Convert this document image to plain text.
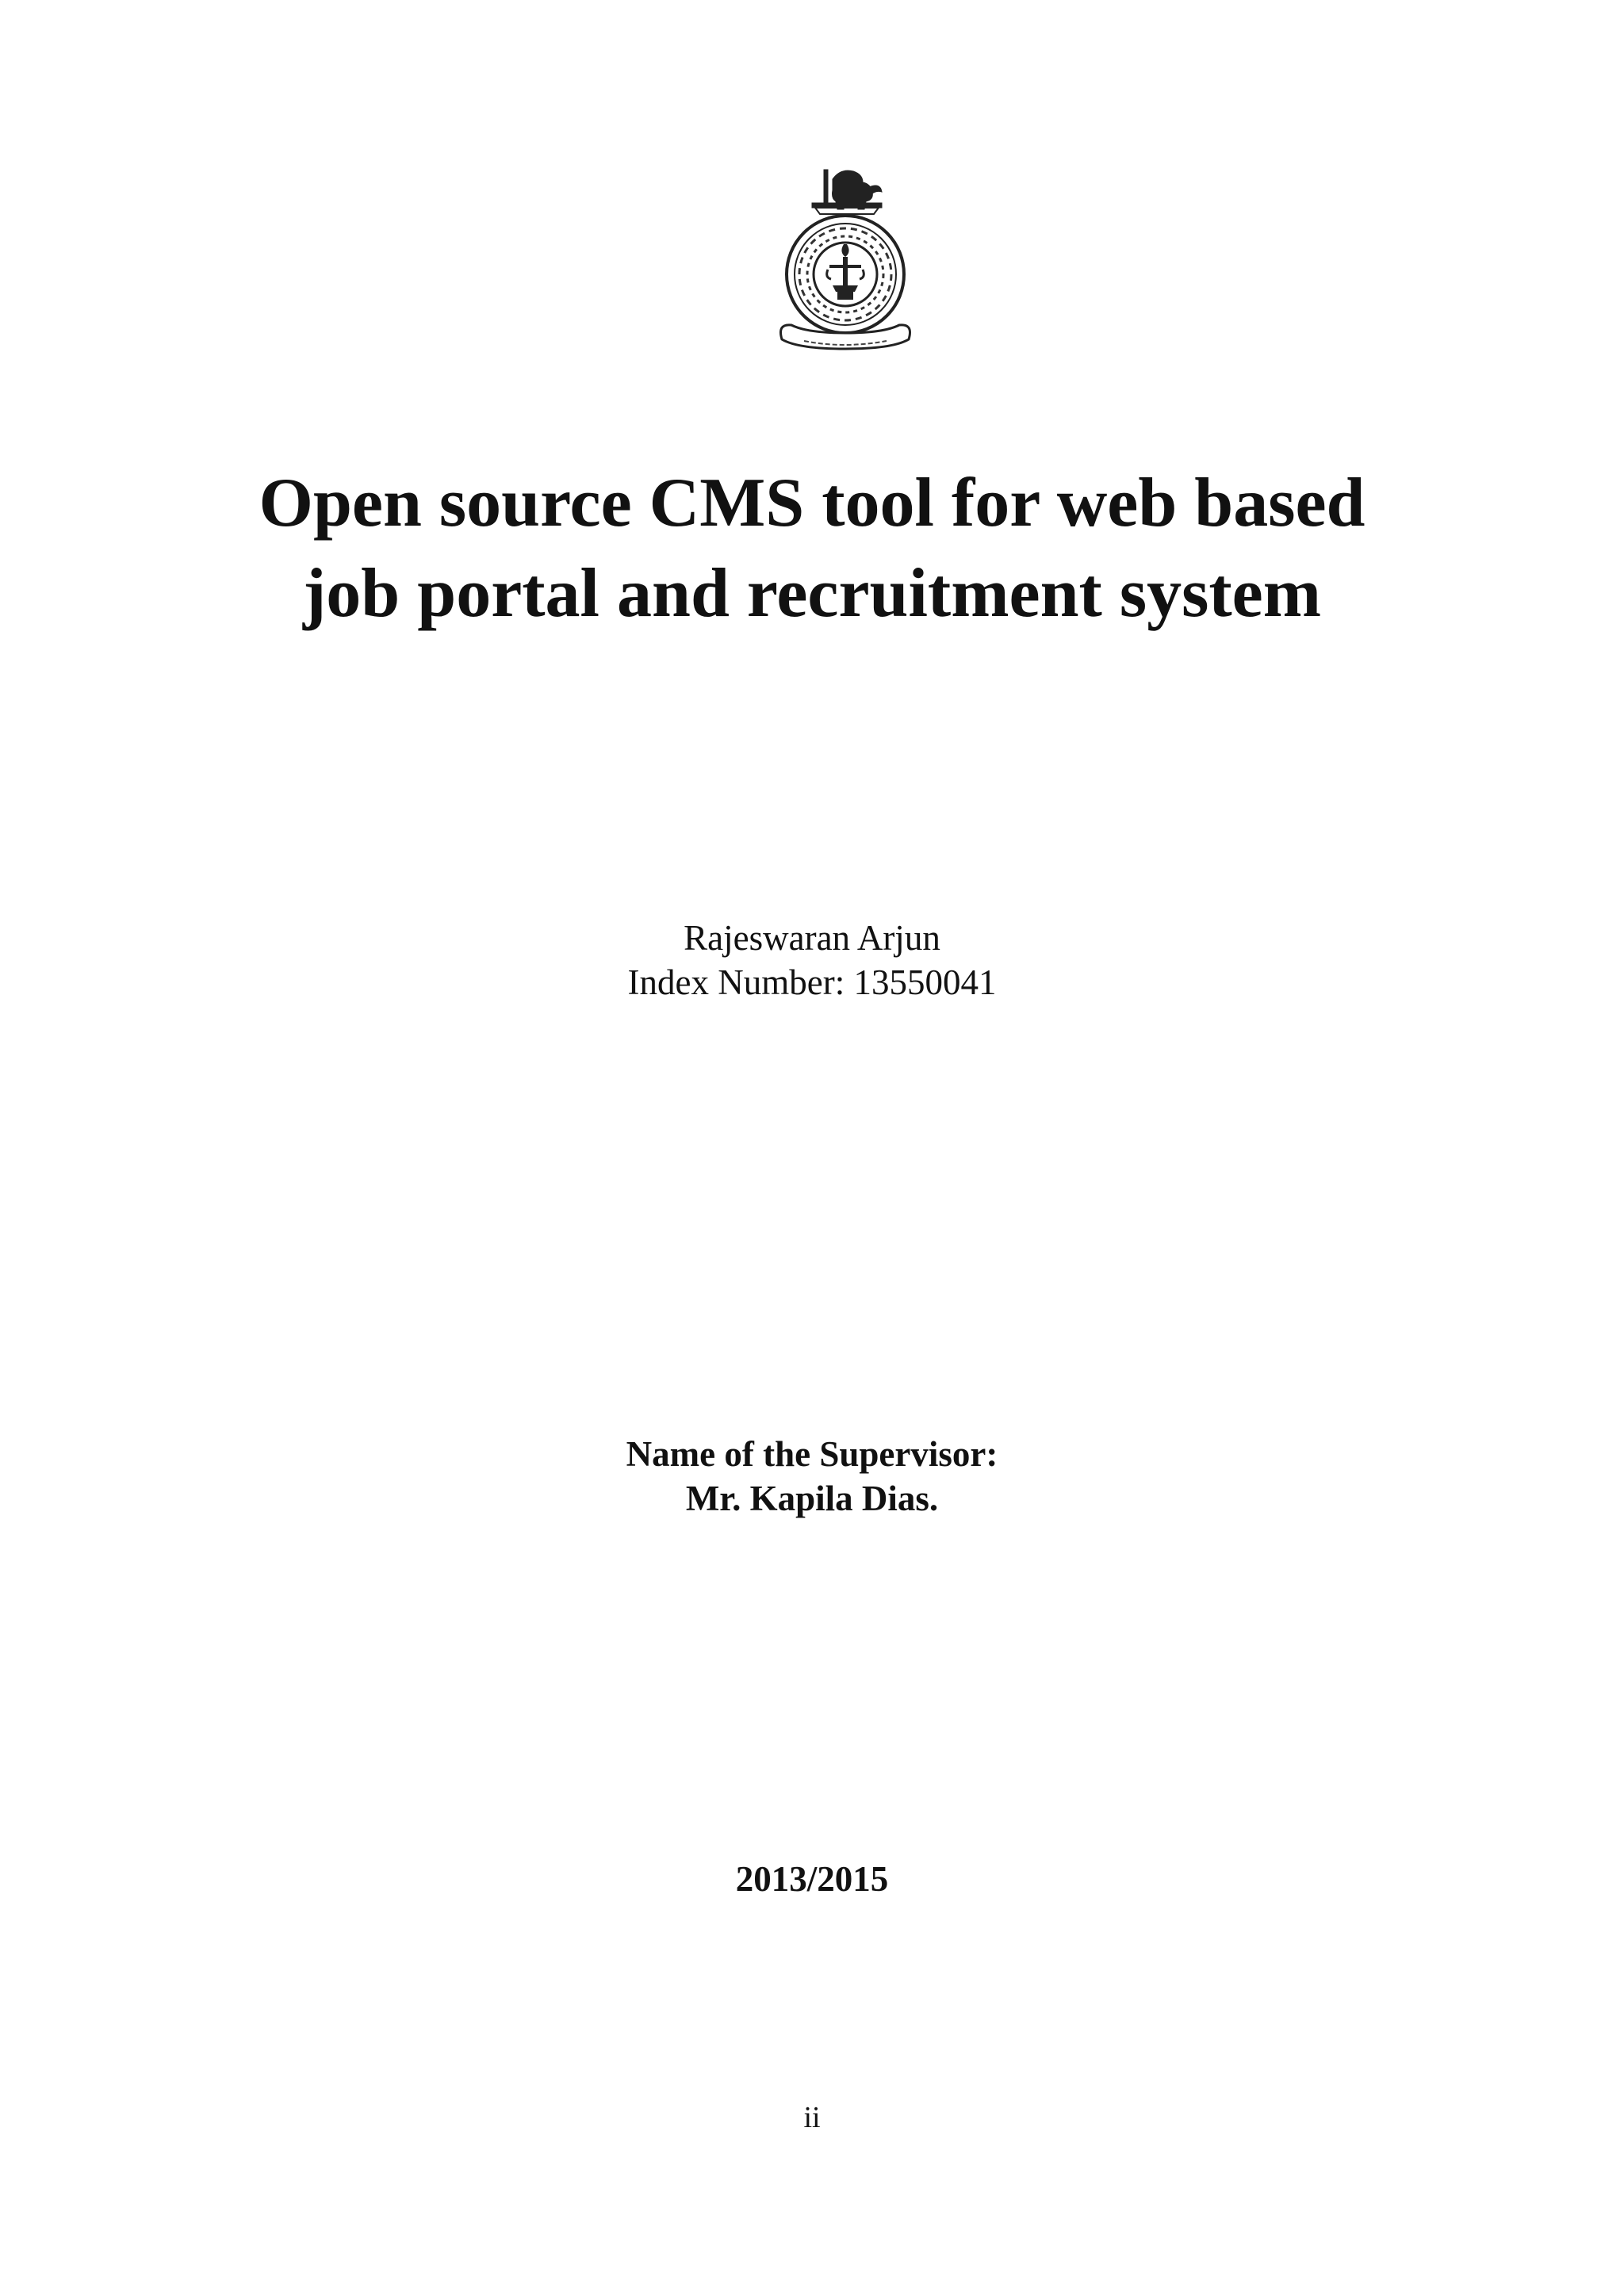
Open source CMS tool for web based
job portal and recruitment system
Rajeswaran Arjun
Index Number: 13550041
Name of the Supervisor:
Mr. Kapila Dias.
2013/2015
ii
